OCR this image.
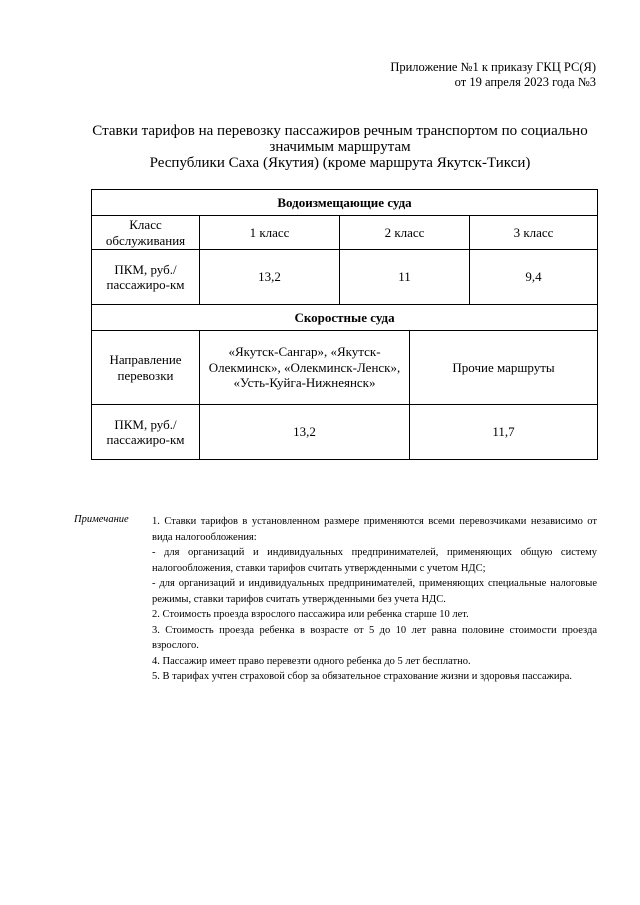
Приложение №1 к приказу ГКЦ РС(Я)
от 19 апреля 2023 года №3
Ставки тарифов на перевозку пассажиров речным транспортом по социально
значимым маршрутам
Республики Саха (Якутия) (кроме маршрута Якутск-Тикси)
Водоизмещающие суда				
Класс обслуживания	1 класс	2 класс		3 класс
ПКМ, руб./пассажиро-км	13,2	11		9,4
Скоростные суда				
Направление перевозки	«Якутск-Сангар», «Якутск-Олекминск», «Олекминск-Ленск», «Усть-Куйга-Нижнеянск»		Прочие маршруты	
ПКМ, руб./пассажиро-км	13,2		11,7	
Примечание 1. Ставки тарифов в установленном размере применяются всеми перевозчиками независимо от вида налогообложения:

- для организаций и индивидуальных предпринимателей, применяющих общую систему налогообложения, ставки тарифов считать утвержденными с учетом НДС;

- для организаций и индивидуальных предпринимателей, применяющих специальные налоговые режимы, ставки тарифов считать утвержденными без учета НДС.

2. Стоимость проезда взрослого пассажира или ребенка старше 10 лет.

3. Стоимость проезда ребенка в возрасте от 5 до 10 лет равна половине стоимости проезда взрослого.

4. Пассажир имеет право перевезти одного ребенка до 5 лет бесплатно.

5. В тарифах учтен страховой сбор за обязательное страхование жизни и здоровья пассажира.
